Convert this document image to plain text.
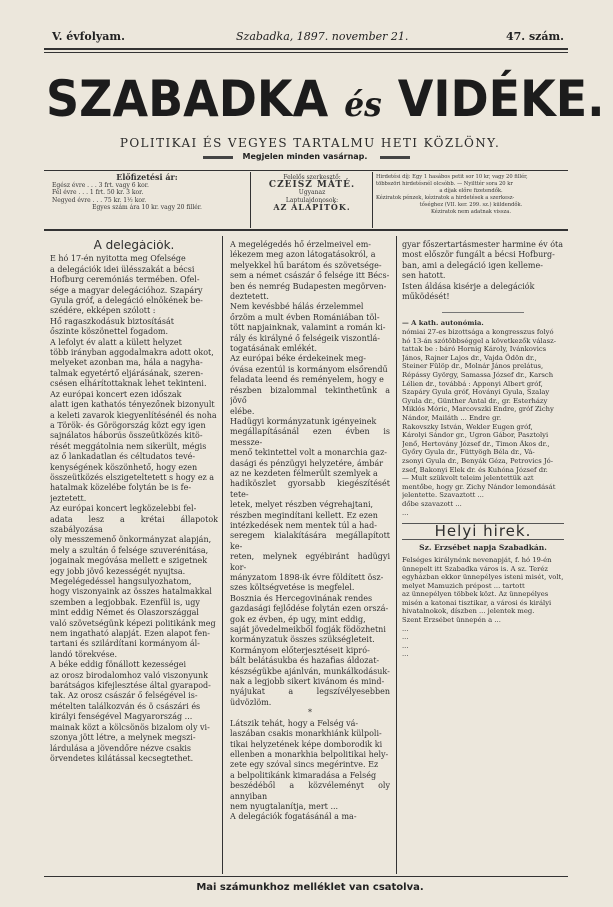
V. évfolyam.	Szabadka, 1897. november 21.	47. szám.
SZABADKA és VIDÉKE.
POLITIKAI ÉS VEGYES TARTALMU HETI KÖZLÖNY.
Megjelen minden vasárnap.
Előfizetési ár:
Egész évre . . . 3 frt. vagy 6 kor.
Fél évre . . . 1 frt. 50 kr. 3 kor.
Negyed évre . . . 75 kr. 1½ kor.
Egyes szám ára 10 kr. vagy 20 fillér.
Felelős szerkesztő:
CZEISZ MÁTÉ.
Ugyanaz
Laptulajdonosok:
AZ ALAPÍTÓK.
Hirdetési díj: Egy 1 hasábos petit sor 10 kr, vagy 20 fillér,
többszöri hirdetésnél olcsóbb. — Nyilttér sora 20 kr
a díjak előre fizetendők.
Kéziratok pénzek, kéziratok a hirdetések a szerkesz-
tőséghez (VII. ker. 299. sz.) küldendők.
Kéziratok nem adatnak vissza.
A delegációk.
E hó 17-én nyitotta meg Ofelsége
a delegációk idei ülésszakát a bécsi
Hofburg ceremóniás termében. Ofel-
sége a magyar delegációhoz. Szapáry
Gyula gróf, a delegáció elnökének be-
szédére, ekképen szólott :
Hő ragaszkodásuk biztosítását
őszinte köszönettel fogadom.
A lefolyt év alatt a külett helyzet
több irányban aggodalmakra adott okot,
melyeket azonban ma, hála a nagyha-
talmak egyetértő eljárásának, szeren-
csésen elhárítottaknak lehet tekinteni.
Az európai koncert ezen időszak
alatt igen kathatós tényezőnek bizonyult
a keleti zavarok kiegyenlítésénél és noha
a Török- és Görögország közt egy igen
sajnálatos háborús összeütközés kitö-
rését meggátolnia nem sikerült, mégis
az ő lankadatlan és céltudatos tevé-
kenységének köszönhető, hogy ezen
összeütközés elszigeteltetett s hogy ez a
hatalmak közelébe folytán be is fe-
jeztetett.
Az európai koncert legközelebbi fel-
adata lesz a krétai állapotok szabályozása
oly messzemenő önkormányzat alapján,
mely a szultán ő felsége szuverénitása,
jogainak megóvása mellett e szigetnek
egy jobb jövő kezességét nyujtsa.
Megelégedéssel hangsulyozhatom,
hogy viszonyaink az összes hatalmakkal
szemben a legjobbak. Ezenfül is, ugy
mint eddig Német és Olaszországgal
való szövetségünk képezi politikánk meg
nem ingatható alapját. Ezen alapot fen-
tartani és szilárdítani kormányom ál-
landó törekvése.
A béke eddig fönállott kezességei
az orosz birodalomhoz való viszonyunk
barátságos kifejlesztése által gyarapod-
tak. Az orosz császár ő felségével is-
mételten találkozván és ö császári és
királyi fenségével Magyarország ...
mainak közt a kölcsönös bizalom oly vi-
szonya jött létre, a melynek megszi-
lárdulása a jövendőre nézve csakis
örvendetes kilátással kecsegtethet.
A megelégedés hő érzelmeivel em-
lékezem meg azon látogatásokról, a
melyekkel hű barátom és szövetsége-
sem a német császár ő felsége itt Bécs-
ben és nemrég Budapesten megörven-
deztetett.
Nem kevésbbé hálás érzelemmel
őrzöm a mult évben Romániában töl-
tött napjainknak, valamint a román ki-
rály és királyné ő felségeik viszontlá-
togatásának emlékét.
Az európai béke érdekeinek meg-
óvása ezentúl is kormányom elsőrendű
feladata leend és reményelem, hogy e
részben bizalommal tekinthetünk a jövő
elébe.
Hadügyi kormányzatunk igényeinek
megállapításánál ezen évben is messze-
menő tekintettel volt a monarchia gaz-
dasági és pénzügyi helyzetére, ámbár
az ne kezdeten félmerült szemlyek a
hadiköszlet gyorsabb kiegészítését tete-
letek, melyet részben végrehajtani,
részben megindítani kellett. Ez ezen
intézkedések nem mentek túl a had-
seregem kialakítására megállapított ke-
reten, melynek egyébiránt hadügyi kor-
mányzatom 1898-ik évre földített ösz-
szes költségvetése is megfelel.
Bosznia és Hercegovinának rendes
gazdasági fejlődése folytán ezen orszá-
gok ez évben, ép ugy, mint eddig,
saját jövedelmeikből fogják födözhetni
kormányzatuk összes szükségleteit.
Kormányom előterjesztéseit kipró-
bált belátásukba és hazafias áldozat-
készségükbe ajánlván, munkálkodásuk-
nak a legjobb sikert kivánom és mind-
nyájukat a legszívélyesebben üdvözlöm.
*
Látszik tehát, hogy a Felség vá-
laszában csakis monarkhiánk külpoli-
tikai helyzetének képe domborodik ki
ellenben a monarkhia belpolitikai hely-
zete egy szóval sincs megérintve. Ez
a belpolitikánk kimaradása a Felség
beszédéből a közvéleményt oly annyiban
nem nyugtalanítja, mert ...
A delegációk fogatásánál a ma-
gyar főszertartásmester harmine év óta
most először fungált a bécsi Hofburg-
ban, ami a delegáció igen kelleme-
sen hatott.
Isten áldása kisérje a delegációk
működését!
— A kath. autonómia.
nómiai 27-es bizottsága a kongresszus folyó
hó 13-án szótöbbséggel a következők válasz-
tattak be : báró Hornig Károly, Ivánkovics
János, Rajner Lajos dr., Vajda Ödön dr.,
Steiner Fülöp dr., Molnár János prelátus,
Répássy György, Samassa József dr., Karsch
Lélien dr., továbbá : Apponyi Albert gróf,
Szapáry Gyula gróf, Hoványi Gyula, Szalay
Gyula dr., Günther Antal dr., gr. Esterházy
Miklós Móric, Marcovszki Endre, gróf Zichy
Nándor, Mailáth ... Endre gr.
Rakovszky István, Wekler Eugen gróf,
Károlyi Sándor gr., Ugron Gábor, Pasztolyi
Jenő, Hertovány József dr., Timon Ákos dr.,
Győry Gyula dr., Füttyögh Béla dr., Vá-
zsonyi Gyula dr., Benyák Géza, Petrovics Jó-
zsef, Bakonyi Elek dr. és Kuhóna József dr.
— Mult szükvolt teleim jelentettük azt
mentőbe, hogy gr. Zichy Nándor lemondását
jelentette. Szavaztott ...
dőbe szavazott ...
...
Helyi hirek.
Sz. Erzsébet napja Szabadkán.
Felséges királynénk nevenapját, f. hó 19-én
ünnepelt itt Szabadka város is. A sz. Teréz
egyházban ekkor ünnepélyes isteni misét, volt,
melyet Mamuzich prépost ... tartott
az ünnepélyen többek közt. Az ünnepélyes
misén a katonai tisztikar, a városi és királyi
hivatalnokok, díszben ... jelentek meg.
Szent Erzsébet ünnepén a ...
...
...
...
...
Mai számunkhoz melléklet van csatolva.
